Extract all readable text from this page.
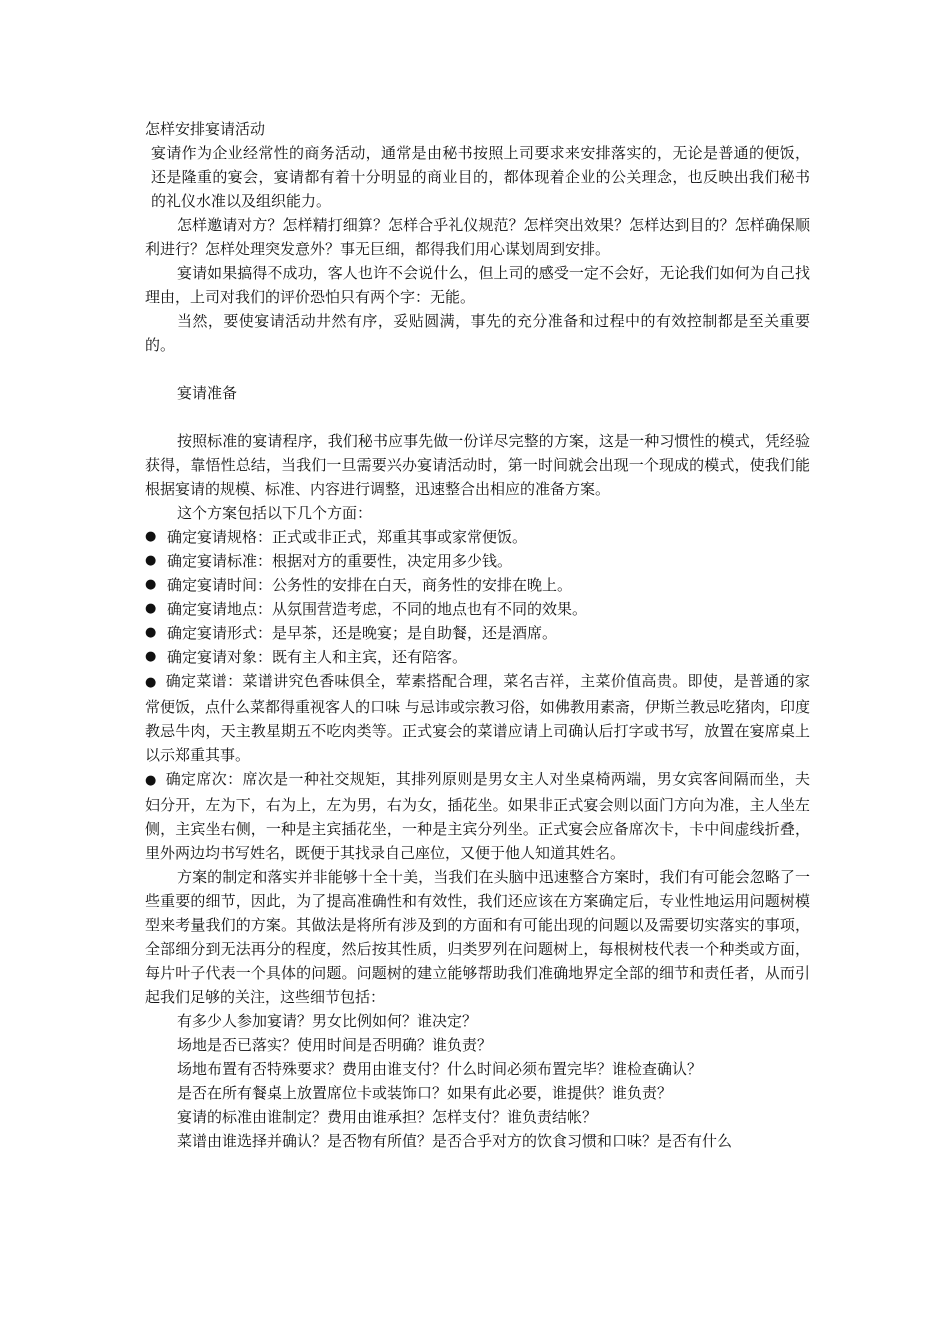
怎样安排宴请活动

宴请作为企业经常性的商务活动，通常是由秘书按照上司要求来安排落实的，无论是普通的便饭，还是隆重的宴会，宴请都有着十分明显的商业目的，都体现着企业的公关理念，也反映出我们秘书的礼仪水准以及组织能力。

怎样邀请对方？怎样精打细算？怎样合乎礼仪规范？怎样突出效果？怎样达到目的？怎样确保顺利进行？怎样处理突发意外？事无巨细，都得我们用心谋划周到安排。

宴请如果搞得不成功，客人也许不会说什么，但上司的感受一定不会好，无论我们如何为自己找理由，上司对我们的评价恐怕只有两个字：无能。

当然，要使宴请活动井然有序，妥贴圆满，事先的充分准备和过程中的有效控制都是至关重要的。

宴请准备

按照标准的宴请程序，我们秘书应事先做一份详尽完整的方案，这是一种习惯性的模式，凭经验获得，靠悟性总结，当我们一旦需要兴办宴请活动时，第一时间就会出现一个现成的模式，使我们能根据宴请的规模、标准、内容进行调整，迅速整合出相应的准备方案。

这个方案包括以下几个方面：

● 确定宴请规格：正式或非正式，郑重其事或家常便饭。

● 确定宴请标准：根据对方的重要性，决定用多少钱。

● 确定宴请时间：公务性的安排在白天，商务性的安排在晚上。

● 确定宴请地点：从氛围营造考虑，不同的地点也有不同的效果。

● 确定宴请形式：是早茶，还是晚宴；是自助餐，还是酒席。

● 确定宴请对象：既有主人和主宾，还有陪客。

● 确定菜谱：菜谱讲究色香味俱全，荤素搭配合理，菜名吉祥，主菜价值高贵。即使，是普通的家常便饭，点什么菜都得重视客人的口味 与忌讳或宗教习俗，如佛教用素斋，伊斯兰教忌吃猪肉，印度教忌牛肉，天主教星期五不吃肉类等。正式宴会的菜谱应请上司确认后打字或书写，放置在宴席桌上以示郑重其事。

● 确定席次：席次是一种社交规矩，其排列原则是男女主人对坐桌椅两端，男女宾客间隔而坐，夫妇分开，左为下，右为上，左为男，右为女，插花坐。如果非正式宴会则以面门方向为准，主人坐左侧，主宾坐右侧，一种是主宾插花坐，一种是主宾分列坐。正式宴会应备席次卡，卡中间虚线折叠，里外两边均书写姓名，既便于其找录自己座位，又便于他人知道其姓名。

方案的制定和落实并非能够十全十美，当我们在头脑中迅速整合方案时，我们有可能会忽略了一些重要的细节，因此，为了提高准确性和有效性，我们还应该在方案确定后，专业性地运用问题树模型来考量我们的方案。其做法是将所有涉及到的方面和有可能出现的问题以及需要切实落实的事项，全部细分到无法再分的程度，然后按其性质，归类罗列在问题树上，每根树枝代表一个种类或方面，每片叶子代表一个具体的问题。问题树的建立能够帮助我们准确地界定全部的细节和责任者，从而引起我们足够的关注，这些细节包括：

有多少人参加宴请？男女比例如何？谁决定？

场地是否已落实？使用时间是否明确？谁负责？

场地布置有否特殊要求？费用由谁支付？什么时间必须布置完毕？谁检查确认？

是否在所有餐桌上放置席位卡或装饰口？如果有此必要，谁提供？谁负责？

宴请的标准由谁制定？费用由谁承担？怎样支付？谁负责结帐？

菜谱由谁选择并确认？是否物有所值？是否合乎对方的饮食习惯和口味？是否有什么
